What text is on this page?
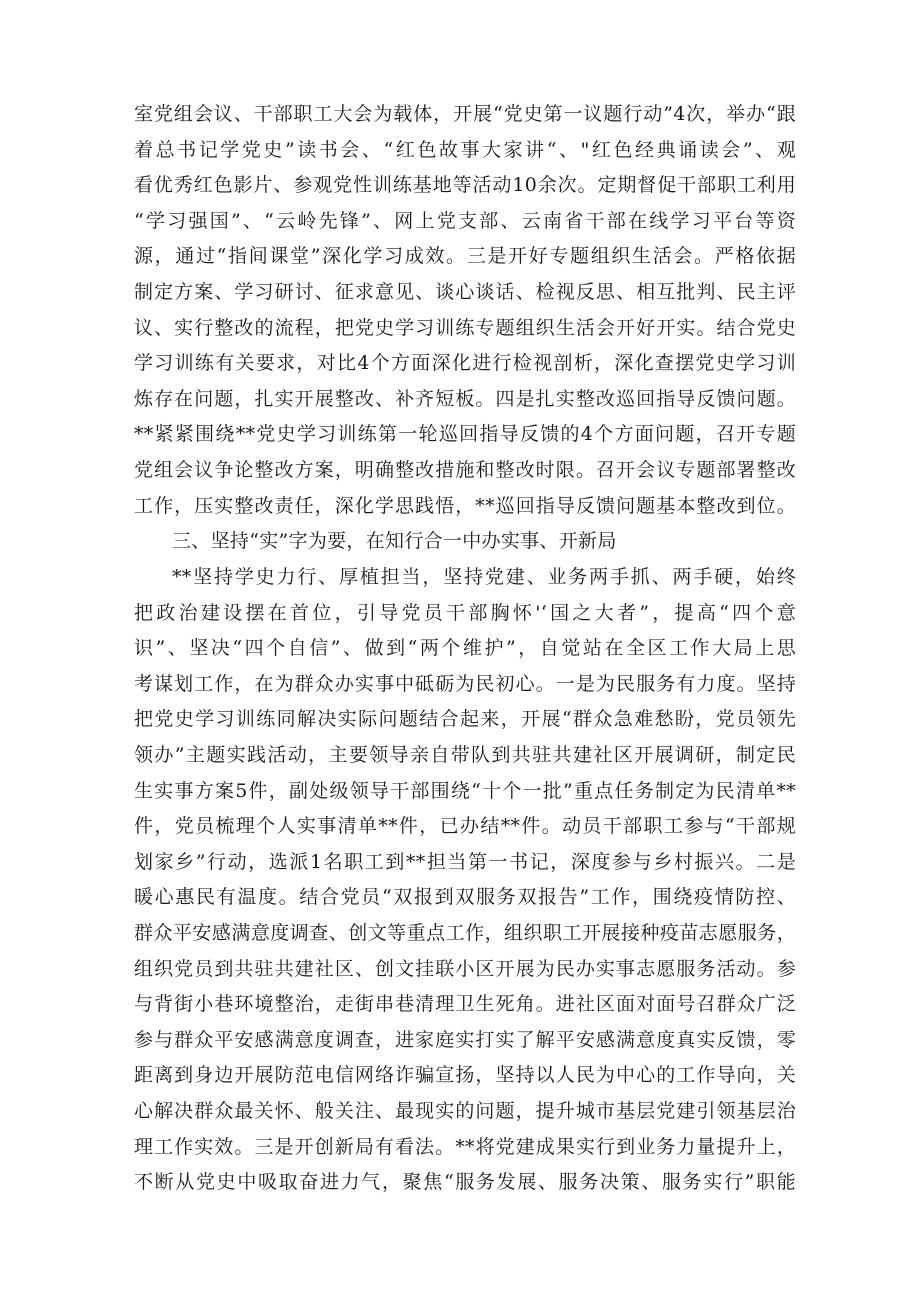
室党组会议、干部职工大会为载体，开展“党史第一议题行动”4次，举办“跟
着总书记学党史”读书会、“红色故事大家讲“、"红色经典诵读会”、观
看优秀红色影片、参观党性训练基地等活动10余次。定期督促干部职工利用
“学习强国”、“云岭先锋”、网上党支部、云南省干部在线学习平台等资
源，通过“指间课堂”深化学习成效。三是开好专题组织生活会。严格依据
制定方案、学习研讨、征求意见、谈心谈话、检视反思、相互批判、民主评
议、实行整改的流程，把党史学习训练专题组织生活会开好开实。结合党史
学习训练有关要求，对比4个方面深化进行检视剖析，深化查摆党史学习训
炼存在问题，扎实开展整改、补齐短板。四是扎实整改巡回指导反馈问题。
**紧紧围绕**党史学习训练第一轮巡回指导反馈的4个方面问题，召开专题
党组会议争论整改方案，明确整改措施和整改时限。召开会议专题部署整改
工作，压实整改责任，深化学思践悟，**巡回指导反馈问题基本整改到位。
三、坚持“实”字为要，在知行合一中办实事、开新局
**坚持学史力行、厚植担当，坚持党建、业务两手抓、两手硬，始终
把政治建设摆在首位，引导党员干部胸怀'‘国之大者”，提高“四个意
识”、坚决“四个自信”、做到“两个维护”，自觉站在全区工作大局上思
考谋划工作，在为群众办实事中砥砺为民初心。一是为民服务有力度。坚持
把党史学习训练同解决实际问题结合起来，开展“群众急难愁盼，党员领先
领办”主题实践活动，主要领导亲自带队到共驻共建社区开展调研，制定民
生实事方案5件，副处级领导干部围绕“十个一批”重点任务制定为民清单**
件，党员梳理个人实事清单**件，已办结**件。动员干部职工参与“干部规
划家乡”行动，选派1名职工到**担当第一书记，深度参与乡村振兴。二是
暖心惠民有温度。结合党员“双报到双服务双报告”工作，围绕疫情防控、
群众平安感满意度调查、创文等重点工作，组织职工开展接种疫苗志愿服务，
组织党员到共驻共建社区、创文挂联小区开展为民办实事志愿服务活动。参
与背街小巷环境整治，走街串巷清理卫生死角。进社区面对面号召群众广泛
参与群众平安感满意度调查，进家庭实打实了解平安感满意度真实反馈，零
距离到身边开展防范电信网络诈骗宣扬，坚持以人民为中心的工作导向，关
心解决群众最关怀、般关注、最现实的问题，提升城市基层党建引领基层治
理工作实效。三是开创新局有看法。**将党建成果实行到业务力量提升上，
不断从党史中吸取奋进力气，聚焦“服务发展、服务决策、服务实行”职能
